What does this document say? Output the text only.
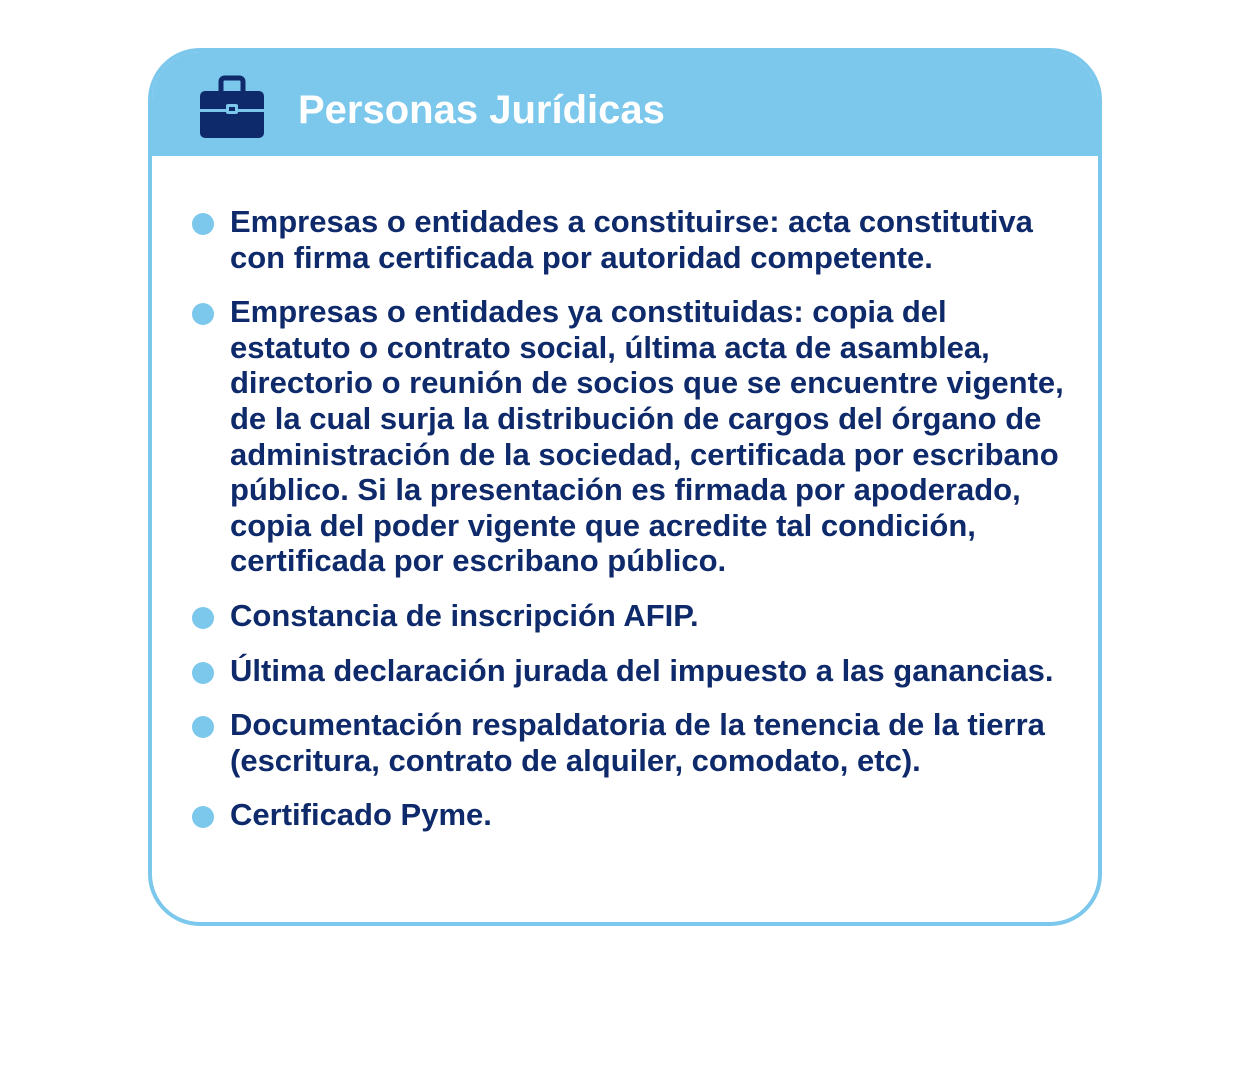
Personas Jurídicas
Empresas o entidades a constituirse: acta constitutiva con firma certificada por autoridad competente.
Empresas o entidades ya constituidas: copia del estatuto o contrato social, última acta de asamblea, directorio o reunión de socios que se encuentre vigente, de la cual surja la distribución de cargos del órgano de administración de la sociedad, certificada por escribano público. Si la presentación es firmada por apoderado, copia del poder vigente que acredite tal condición, certificada por escribano público.
Constancia de inscripción AFIP.
Última declaración jurada del impuesto a las ganancias.
Documentación respaldatoria de la tenencia de la tierra (escritura, contrato de alquiler, comodato, etc).
Certificado Pyme.
